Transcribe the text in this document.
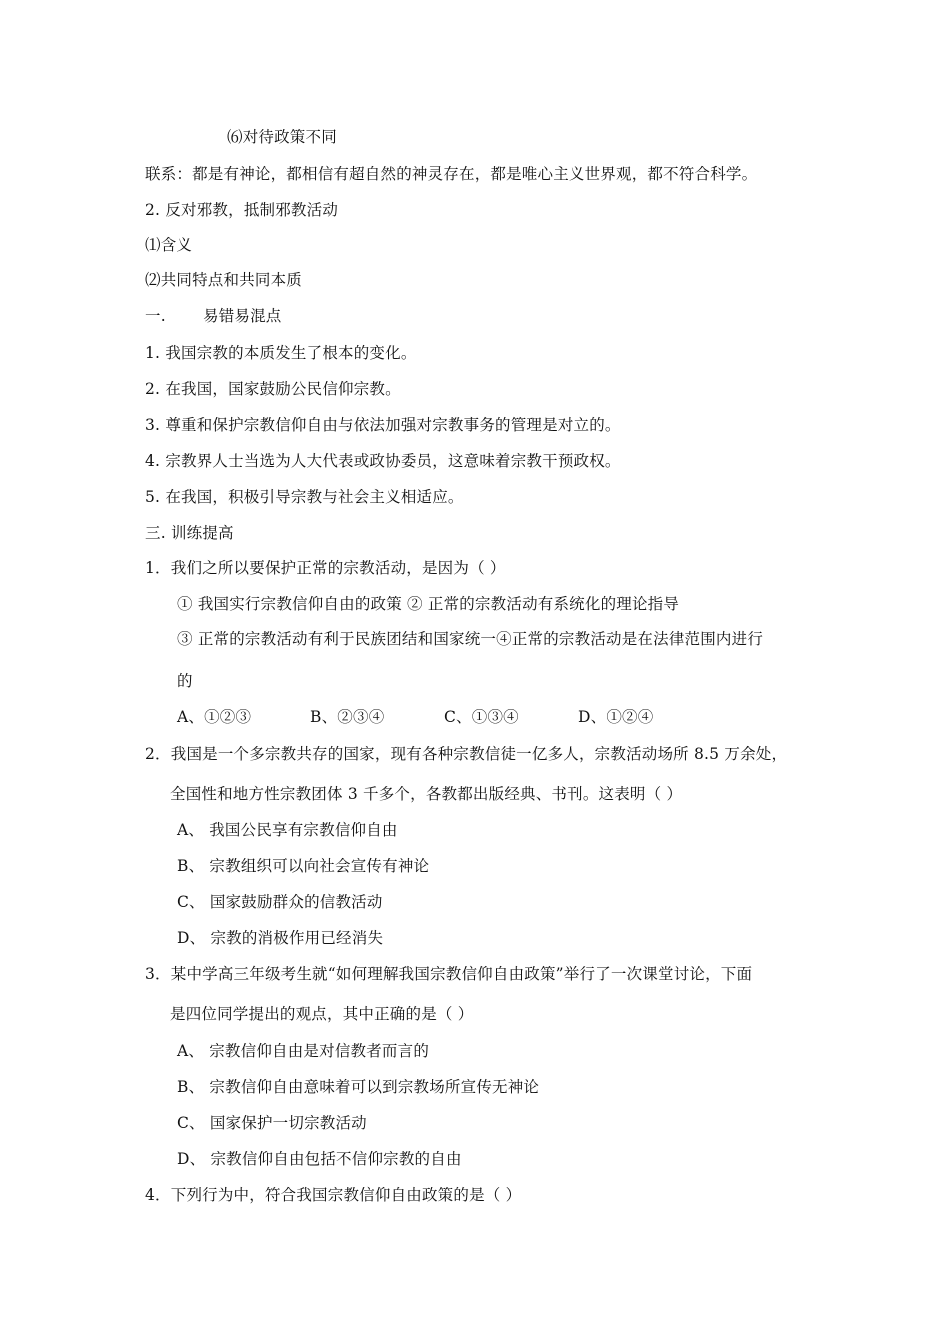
⑹对待政策不同
联系：都是有神论，都相信有超自然的神灵存在，都是唯心主义世界观，都不符合科学。
2. 反对邪教，抵制邪教活动
⑴含义
⑵共同特点和共同本质
一. 易错易混点
1. 我国宗教的本质发生了根本的变化。
2. 在我国，国家鼓励公民信仰宗教。
3. 尊重和保护宗教信仰自由与依法加强对宗教事务的管理是对立的。
4. 宗教界人士当选为人大代表或政协委员，这意味着宗教干预政权。
5. 在我国，积极引导宗教与社会主义相适应。
三. 训练提高
1．我们之所以要保护正常的宗教活动，是因为（ ）
① 我国实行宗教信仰自由的政策 ② 正常的宗教活动有系统化的理论指导
③ 正常的宗教活动有利于民族团结和国家统一④正常的宗教活动是在法律范围内进行
的
A、①②③	B、②③④	C、①③④	D、①②④
2．我国是一个多宗教共存的国家，现有各种宗教信徒一亿多人，宗教活动场所 8.5 万余处，
全国性和地方性宗教团体 3 千多个，各教都出版经典、书刊。这表明（ ）
A、 我国公民享有宗教信仰自由
B、 宗教组织可以向社会宣传有神论
C、 国家鼓励群众的信教活动
D、 宗教的消极作用已经消失
3．某中学高三年级考生就“如何理解我国宗教信仰自由政策”举行了一次课堂讨论，下面
是四位同学提出的观点，其中正确的是（ ）
A、 宗教信仰自由是对信教者而言的
B、 宗教信仰自由意味着可以到宗教场所宣传无神论
C、 国家保护一切宗教活动
D、 宗教信仰自由包括不信仰宗教的自由
4．下列行为中，符合我国宗教信仰自由政策的是（ ）
